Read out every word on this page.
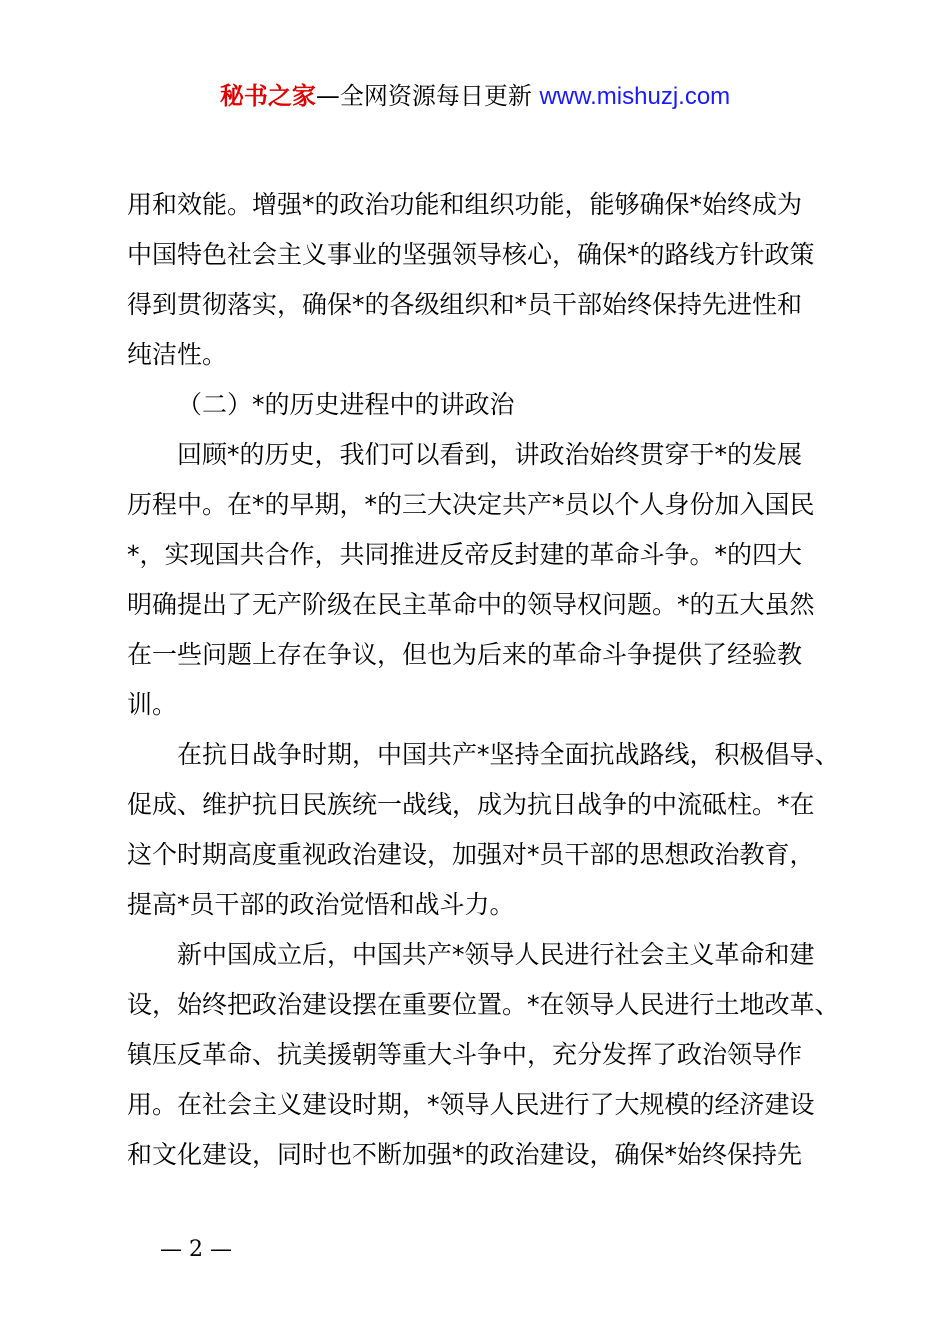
秘书之家—全网资源每日更新 www.mishuzj.com
用和效能。增强*的政治功能和组织功能，能够确保*始终成为
中国特色社会主义事业的坚强领导核心，确保*的路线方针政策
得到贯彻落实，确保*的各级组织和*员干部始终保持先进性和
纯洁性。
（二）*的历史进程中的讲政治
回顾*的历史，我们可以看到，讲政治始终贯穿于*的发展
历程中。在*的早期，*的三大决定共产*员以个人身份加入国民
*，实现国共合作，共同推进反帝反封建的革命斗争。*的四大
明确提出了无产阶级在民主革命中的领导权问题。*的五大虽然
在一些问题上存在争议，但也为后来的革命斗争提供了经验教
训。
在抗日战争时期，中国共产*坚持全面抗战路线，积极倡导、
促成、维护抗日民族统一战线，成为抗日战争的中流砥柱。*在
这个时期高度重视政治建设，加强对*员干部的思想政治教育，
提高*员干部的政治觉悟和战斗力。
新中国成立后，中国共产*领导人民进行社会主义革命和建
设，始终把政治建设摆在重要位置。*在领导人民进行土地改革、
镇压反革命、抗美援朝等重大斗争中，充分发挥了政治领导作
用。在社会主义建设时期，*领导人民进行了大规模的经济建设
和文化建设，同时也不断加强*的政治建设，确保*始终保持先
— 2 —
